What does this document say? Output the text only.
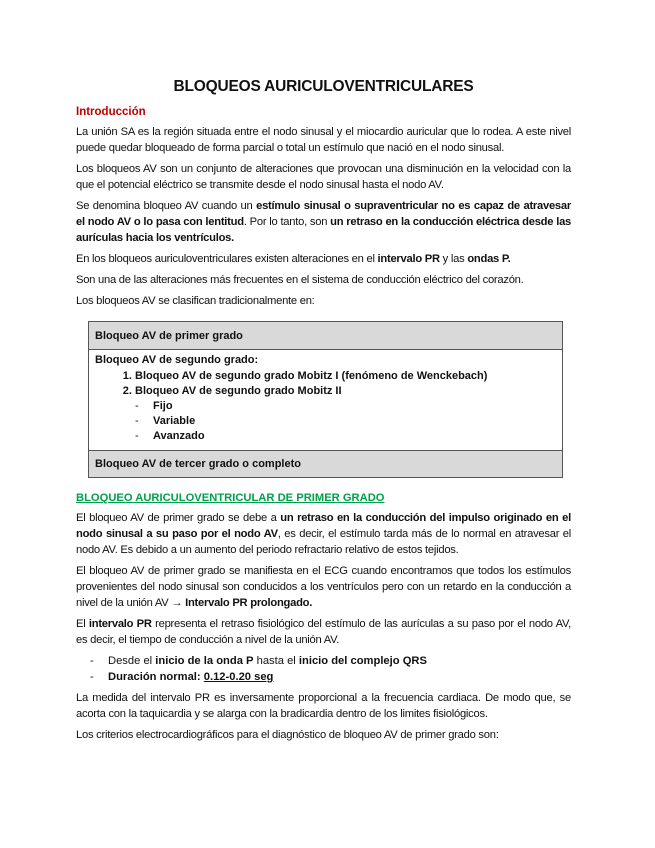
BLOQUEOS AURICULOVENTRICULARES
Introducción

La unión SA es la región situada entre el nodo sinusal y el miocardio auricular que lo rodea. A este nivel puede quedar bloqueado de forma parcial o total un estímulo que nació en el nodo sinusal.

Los bloqueos AV son un conjunto de alteraciones que provocan una disminución en la velocidad con la que el potencial eléctrico se transmite desde el nodo sinusal hasta el nodo AV.

Se denomina bloqueo AV cuando un estímulo sinusal o supraventricular no es capaz de atravesar el nodo AV o lo pasa con lentitud. Por lo tanto, son un retraso en la conducción eléctrica desde las aurículas hacia los ventrículos.

En los bloqueos auriculoventriculares existen alteraciones en el intervalo PR y las ondas P.

Son una de las alteraciones más frecuentes en el sistema de conducción eléctrico del corazón.

Los bloqueos AV se clasifican tradicionalmente en:

Bloqueo AV de primer grado
Bloqueo AV de segundo grado:
1. Bloqueo AV de segundo grado Mobitz I (fenómeno de Wenckebach)
2. Bloqueo AV de segundo grado Mobitz II
- Fijo
- Variable
- Avanzado
Bloqueo AV de tercer grado o completo
BLOQUEO AURICULOVENTRICULAR DE PRIMER GRADO

El bloqueo AV de primer grado se debe a un retraso en la conducción del impulso originado en el nodo sinusal a su paso por el nodo AV, es decir, el estímulo tarda más de lo normal en atravesar el nodo AV. Es debido a un aumento del periodo refractario relativo de estos tejidos.

El bloqueo AV de primer grado se manifiesta en el ECG cuando encontramos que todos los estímulos provenientes del nodo sinusal son conducidos a los ventrículos pero con un retardo en la conducción a nivel de la unión AV → Intervalo PR prolongado.

El intervalo PR representa el retraso fisiológico del estímulo de las aurículas a su paso por el nodo AV, es decir, el tiempo de conducción a nivel de la unión AV.

- Desde el inicio de la onda P hasta el inicio del complejo QRS
- Duración normal: 0.12-0.20 seg

La medida del intervalo PR es inversamente proporcional a la frecuencia cardiaca. De modo que, se acorta con la taquicardia y se alarga con la bradicardia dentro de los limites fisiológicos.

Los criterios electrocardiográficos para el diagnóstico de bloqueo AV de primer grado son:
